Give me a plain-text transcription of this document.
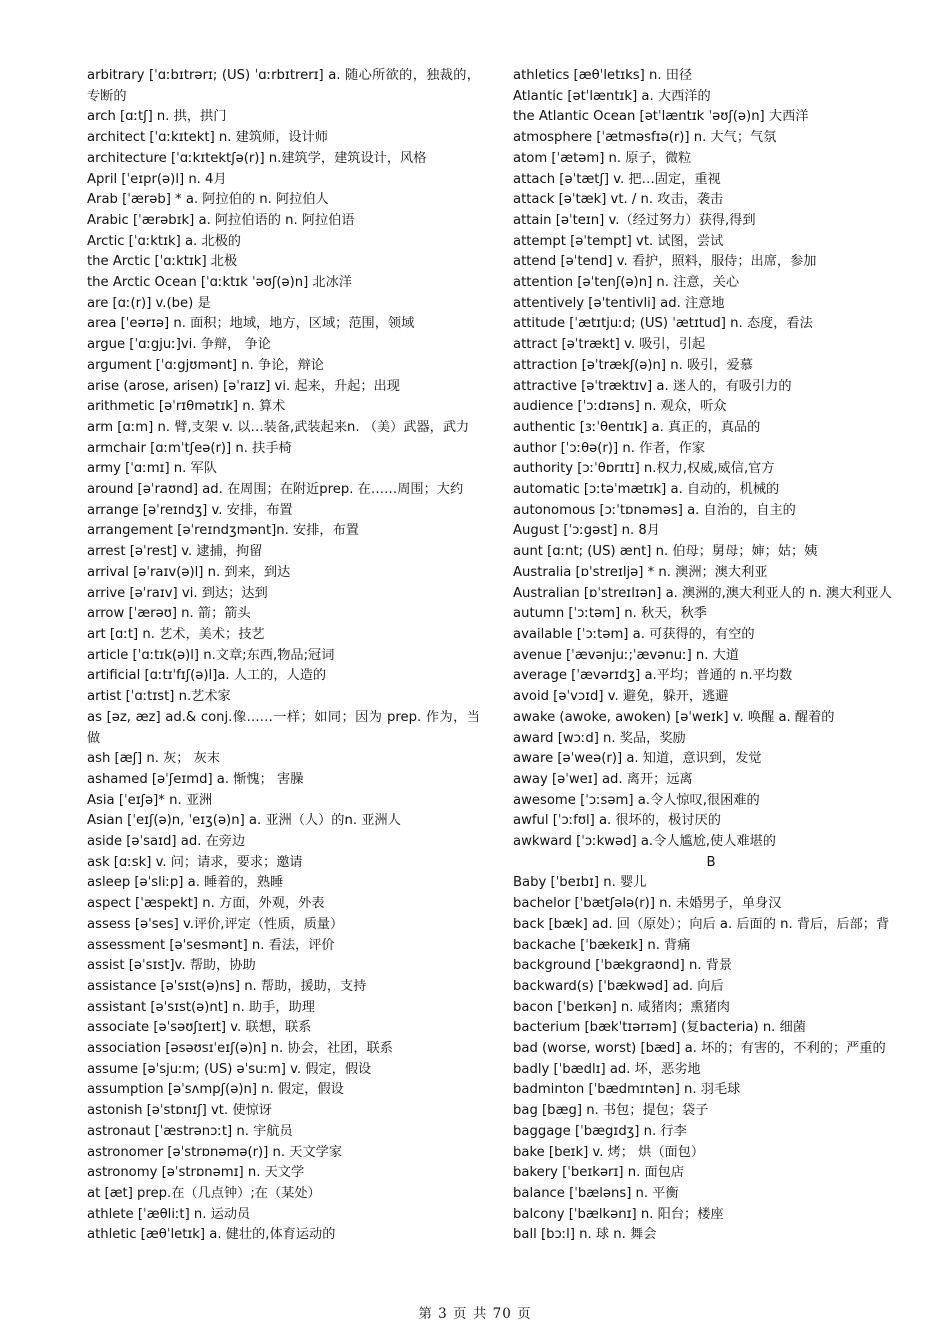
arbitrary [ˈɑːbɪtrərɪ; (US) ˈɑːrbɪtrerɪ] a. 随心所欲的，独裁的，专断的
arch [ɑːtʃ] n. 拱，拱门
architect [ˈɑːkɪtekt] n. 建筑师，设计师
architecture [ˈɑːkɪtektʃə(r)] n.建筑学，建筑设计，风格
April [ˈeɪpr(ə)l] n. 4月
Arab [ˈærəb] * a. 阿拉伯的 n. 阿拉伯人
Arabic [ˈærəbɪk] a. 阿拉伯语的 n. 阿拉伯语
Arctic [ˈɑːktɪk] a. 北极的
the Arctic [ˈɑːktɪk] 北极
the Arctic Ocean [ˈɑːktɪk ˈəʊʃ(ə)n] 北冰洋
are [ɑː(r)] v.(be) 是
area [ˈeərɪə] n. 面积；地域，地方，区域；范围，领域
argue [ˈɑːgjuː]vi. 争辩， 争论
argument [ˈɑːgjʊmənt] n. 争论，辩论
arise (arose, arisen) [əˈraɪz] vi. 起来，升起；出现
arithmetic [əˈrɪθmətɪk] n. 算术
arm [ɑːm] n. 臂,支架 v. 以…装备,武装起来n. （美）武器，武力
armchair [ɑːmˈtʃeə(r)] n. 扶手椅
army [ˈɑːmɪ] n. 军队
around [əˈraʊnd] ad. 在周围；在附近prep. 在……周围；大约
arrange [əˈreɪndʒ] v. 安排，布置
arrangement [əˈreɪndʒmənt]n. 安排，布置
arrest [əˈrest] v. 逮捕，拘留
arrival [əˈraɪv(ə)l] n. 到来，到达
arrive [əˈraɪv] vi. 到达；达到
arrow [ˈærəʊ] n. 箭；箭头
art [ɑːt] n. 艺术，美术；技艺
article [ˈɑːtɪk(ə)l] n.文章;东西,物品;冠词
artificial [ɑːtɪˈfɪʃ(ə)l]a. 人工的，人造的
artist [ˈɑːtɪst] n.艺术家
as [əz, æz] ad.& conj.像……一样；如同；因为 prep. 作为，当做
ash [æʃ] n. 灰； 灰末
ashamed [əˈʃeɪmd] a. 惭愧； 害臊
Asia [ˈeɪʃə]* n. 亚洲
Asian [ˈeɪʃ(ə)n, ˈeɪʒ(ə)n] a. 亚洲（人）的n. 亚洲人
aside [əˈsaɪd] ad. 在旁边
ask [ɑːsk] v. 问；请求，要求；邀请
asleep [əˈsliːp] a. 睡着的，熟睡
aspect [ˈæspekt] n. 方面，外观，外表
assess [əˈses] v.评价,评定（性质，质量）
assessment [əˈsesmənt] n. 看法，评价
assist [əˈsɪst]v. 帮助，协助
assistance [əˈsɪst(ə)ns] n. 帮助，援助，支持
assistant [əˈsɪst(ə)nt] n. 助手，助理
associate [əˈsəʊʃɪeɪt] v. 联想，联系
association [əsəʊsɪˈeɪʃ(ə)n] n. 协会，社团，联系
assume [əˈsjuːm; (US) əˈsuːm] v. 假定，假设
assumption [əˈsʌmpʃ(ə)n] n. 假定，假设
astonish [əˈstɒnɪʃ] vt. 使惊讶
astronaut [ˈæstrənɔːt] n. 宇航员
astronomer [əˈstrɒnəmə(r)] n. 天文学家
astronomy [əˈstrɒnəmɪ] n. 天文学
at [æt] prep.在（几点钟）;在（某处）
athlete [ˈæθliːt] n. 运动员
athletic [æθˈletɪk] a. 健壮的,体育运动的
athletics [æθˈletɪks] n. 田径
Atlantic [ətˈlæntɪk] a. 大西洋的
the Atlantic Ocean [ətˈlæntɪk ˈəʊʃ(ə)n] 大西洋
atmosphere [ˈætməsfɪə(r)] n. 大气；气氛
atom [ˈætəm] n. 原子，微粒
attach [əˈtætʃ] v. 把…固定，重视
attack [əˈtæk] vt. / n. 攻击，袭击
attain [əˈteɪn] v.（经过努力）获得,得到
attempt [əˈtempt] vt. 试图，尝试
attend [əˈtend] v. 看护，照料，服侍；出席，参加
attention [əˈtenʃ(ə)n] n. 注意，关心
attentively [əˈtentivli] ad. 注意地
attitude [ˈætɪtjuːd; (US) ˈætɪtud] n. 态度，看法
attract [əˈtrækt] v. 吸引，引起
attraction [əˈtrækʃ(ə)n] n. 吸引，爱慕
attractive [əˈtræktɪv] a. 迷人的，有吸引力的
audience [ˈɔːdɪəns] n. 观众，听众
authentic [ɜːˈθentɪk] a. 真正的，真品的
author [ˈɔːθə(r)] n. 作者，作家
authority [ɔːˈθɒrɪtɪ] n.权力,权威,威信,官方
automatic [ɔːtəˈmætɪk] a. 自动的，机械的
autonomous [ɔːˈtɒnəməs] a. 自治的，自主的
August [ˈɔːgəst] n. 8月
aunt [ɑːnt; (US) ænt] n. 伯母；舅母；婶；姑；姨
Australia [ɒˈstreɪljə] * n. 澳洲；澳大利亚
Australian [ɒˈstreɪlɪən] a. 澳洲的,澳大利亚人的 n. 澳大利亚人
autumn [ˈɔːtəm] n. 秋天，秋季
available [ˈɔːtəm] a. 可获得的，有空的
avenue [ˈævənjuː;ˈævənuː] n. 大道
average [ˈævərɪdʒ] a.平均；普通的 n.平均数
avoid [əˈvɔɪd] v. 避免，躲开，逃避
awake (awoke, awoken) [əˈweɪk] v. 唤醒 a. 醒着的
award [wɔːd] n. 奖品，奖励
aware [əˈweə(r)] a. 知道，意识到，发觉
away [əˈweɪ] ad. 离开；远离
awesome [ˈɔːsəm] a.令人惊叹,很困难的
awful [ˈɔːfʊl] a. 很坏的，极讨厌的
awkward [ˈɔːkwəd] a.令人尴尬,使人难堪的
B
Baby [ˈbeɪbɪ] n. 婴儿
bachelor [ˈbætʃələ(r)] n. 未婚男子，单身汉
back [bæk] ad. 回（原处）；向后 a. 后面的 n. 背后，后部；背
backache [ˈbækeɪk] n. 背痛
background [ˈbækgraʊnd] n. 背景
backward(s) [ˈbækwəd] ad. 向后
bacon [ˈbeɪkən] n. 咸猪肉；熏猪肉
bacterium [bækˈtɪərɪəm] (复bacteria) n. 细菌
bad (worse, worst) [bæd] a. 坏的；有害的，不利的；严重的
badly [ˈbædlɪ] ad. 坏，恶劣地
badminton [ˈbædmɪntən] n. 羽毛球
bag [bæg] n. 书包；提包；袋子
baggage [ˈbægɪdʒ] n. 行李
bake [beɪk] v. 烤； 烘（面包）
bakery [ˈbeɪkərɪ] n. 面包店
balance [ˈbæləns] n. 平衡
balcony [ˈbælkənɪ] n. 阳台；楼座
ball [bɔːl] n. 球 n. 舞会
第 3 页 共 70 页
